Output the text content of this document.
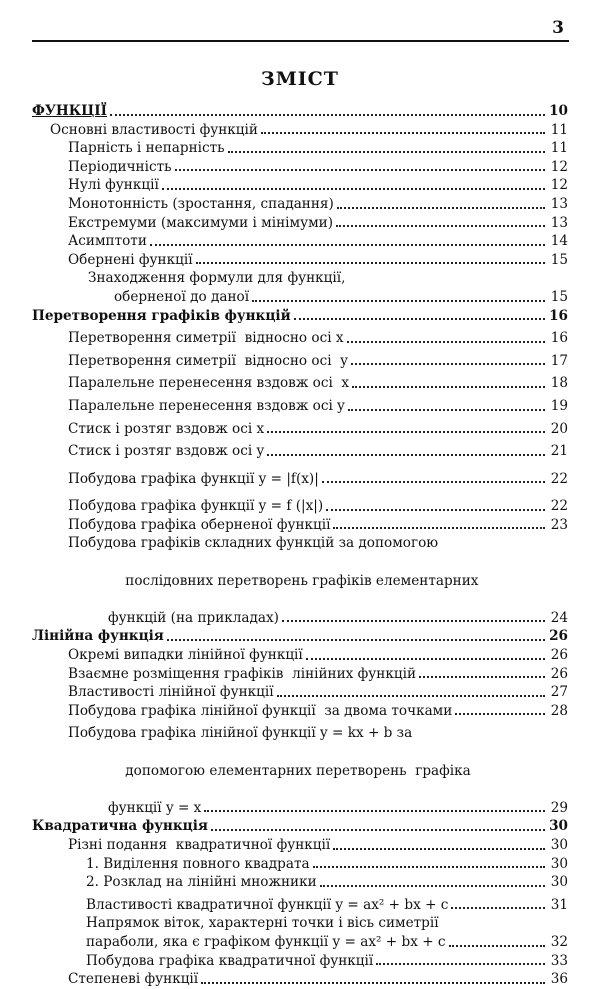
3
ЗМІСТ
ФУНКЦІЇ	10
Основні властивості функцій	11
Парність і непарність	11
Періодичність	12
Нулі функції	12
Монотонність (зростання, спадання)	13
Екстремуми (максимуми і мінімуми)	13
Асимптоти	14
Обернені функції	15
Знаходження формули для функції,
оберненої до даної	15
Перетворення графіків функцій	16
Перетворення симетрії  відносно осі x	16
Перетворення симетрії  відносно осі  y	17
Паралельне перенесення вздовж осі  x	18
Паралельне перенесення вздовж осі y	19
Стиск і розтяг вздовж осі x	20
Стиск і розтяг вздовж осі y	21
Побудова графіка функції y = |f(x)|	22
Побудова графіка функції y = f (|x|)	22
Побудова графіка оберненої функції	23
Побудова графіків складних функцій за допомогою

послідовних перетворень графіків елементарних

функцій (на прикладах)	24
Лінійна функція	26
Окремі випадки лінійної функції	26
Взаємне розміщення графіків  лінійних функцій	26
Властивості лінійної функції	27
Побудова графіка лінійної функції  за двома точками	28
Побудова графіка лінійної функції y = kx + b за

допомогою елементарних перетворень  графіка

функції y = x	29
Квадратична функція	30
Різні подання  квадратичної функції	30
1. Виділення повного квадрата	30
2. Розклад на лінійні множники	30
Властивості квадратичної функції y = ax² + bx + c	31
Напрямок віток, характерні точки і вісь симетрії
параболи, яка є графіком функції y = ax² + bx + c	32
Побудова графіка квадратичної функції	33
Степеневі функції	36
